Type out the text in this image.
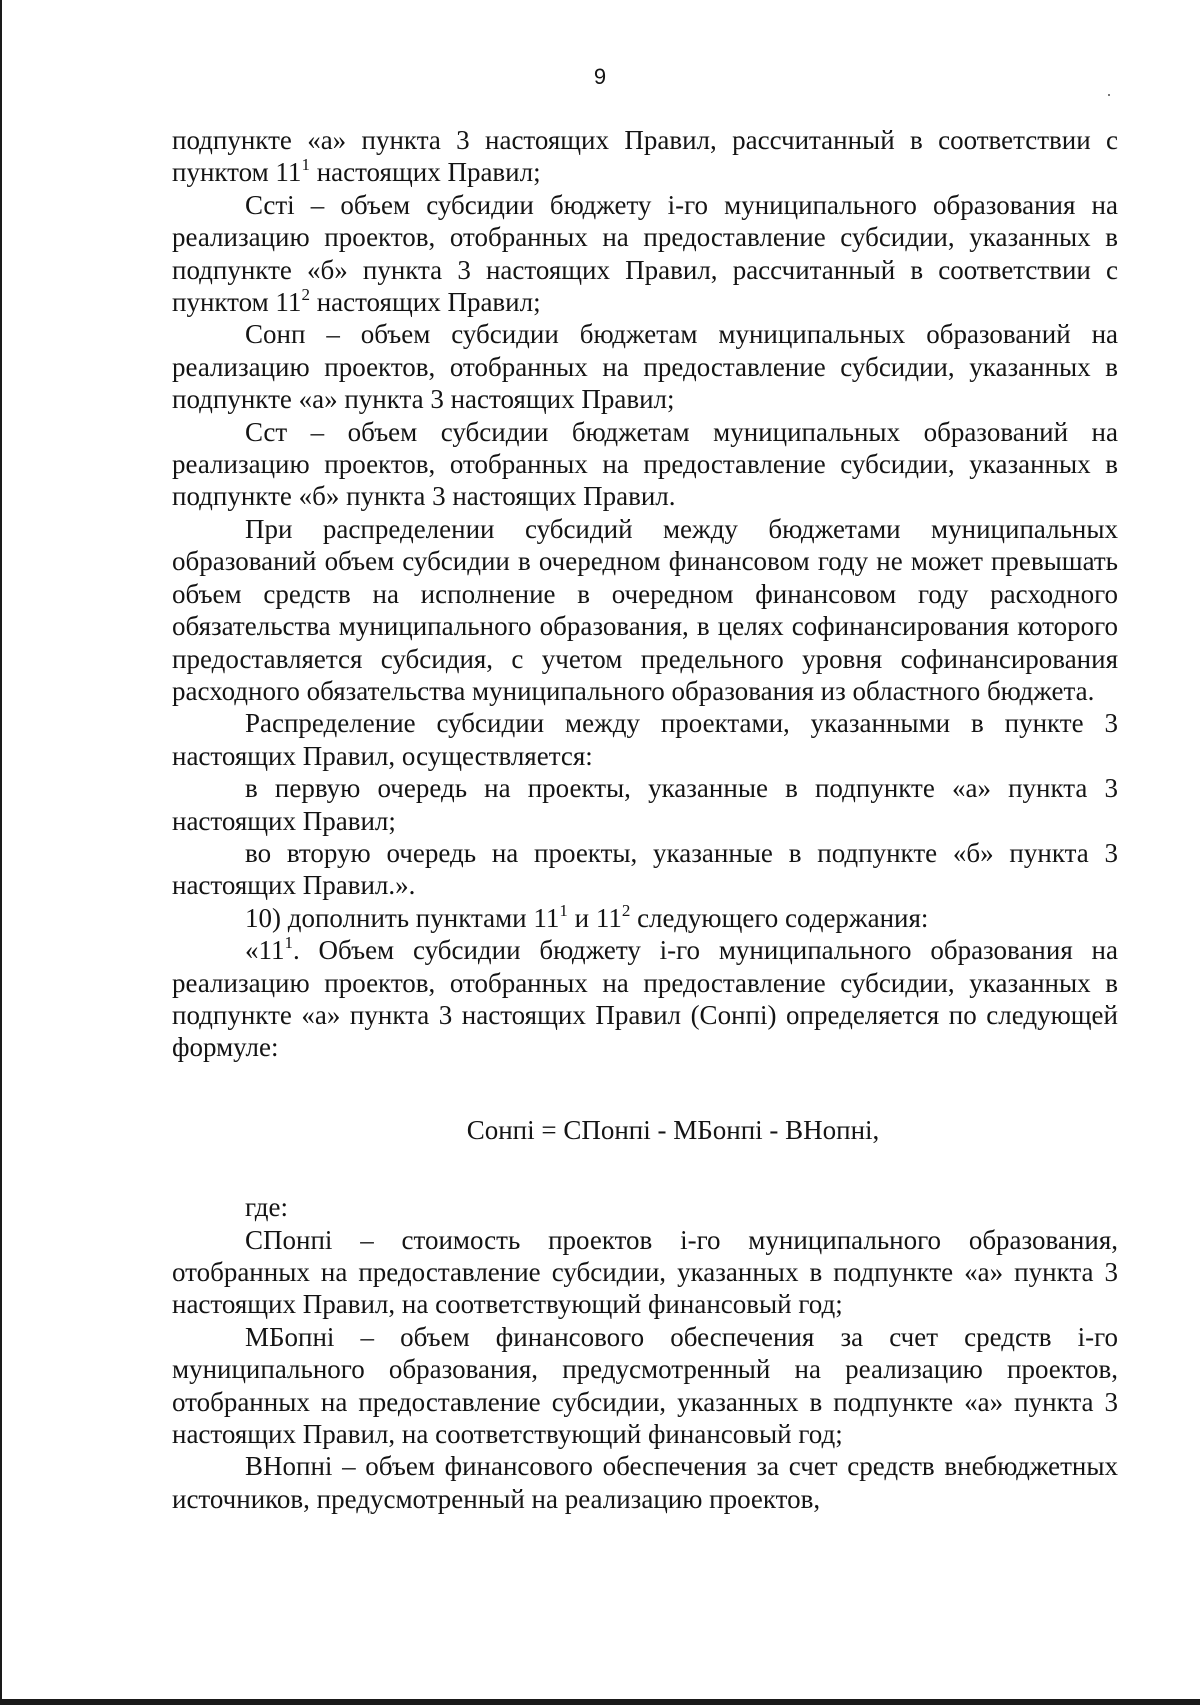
9

подпункте «а» пункта 3 настоящих Правил, рассчитанный в соответствии с пунктом $11^1$ настоящих Правил;

Ссті – объем субсидии бюджету і-го муниципального образования на реализацию проектов, отобранных на предоставление субсидии, указанных в подпункте «б» пункта 3 настоящих Правил, рассчитанный в соответствии с пунктом $11^2$ настоящих Правил;

Сонп – объем субсидии бюджетам муниципальных образований на реализацию проектов, отобранных на предоставление субсидии, указанных в подпункте «а» пункта 3 настоящих Правил;

Сст – объем субсидии бюджетам муниципальных образований на реализацию проектов, отобранных на предоставление субсидии, указанных в подпункте «б» пункта 3 настоящих Правил.

При распределении субсидий между бюджетами муниципальных образований объем субсидии в очередном финансовом году не может превышать объем средств на исполнение в очередном финансовом году расходного обязательства муниципального образования, в целях софинансирования которого предоставляется субсидия, с учетом предельного уровня софинансирования расходного обязательства муниципального образования из областного бюджета.

Распределение субсидии между проектами, указанными в пункте 3 настоящих Правил, осуществляется:

в первую очередь на проекты, указанные в подпункте «а» пункта 3 настоящих Правил;

во вторую очередь на проекты, указанные в подпункте «б» пункта 3 настоящих Правил.».

10) дополнить пунктами $11^1$ и $11^2$ следующего содержания:

«$11^1$. Объем субсидии бюджету і-го муниципального образования на реализацию проектов, отобранных на предоставление субсидии, указанных в подпункте «а» пункта 3 настоящих Правил (Сонпі) определяется по следующей формуле:

Сонпі = СПонпі - МБонпі - ВНопні,

где:

СПонпі – стоимость проектов і-го муниципального образования, отобранных на предоставление субсидии, указанных в подпункте «а» пункта 3 настоящих Правил, на соответствующий финансовый год;

МБопні – объем финансового обеспечения за счет средств і-го муниципального образования, предусмотренный на реализацию проектов, отобранных на предоставление субсидии, указанных в подпункте «а» пункта 3 настоящих Правил, на соответствующий финансовый год;

ВНопні – объем финансового обеспечения за счет средств внебюджетных источников, предусмотренный на реализацию проектов,
